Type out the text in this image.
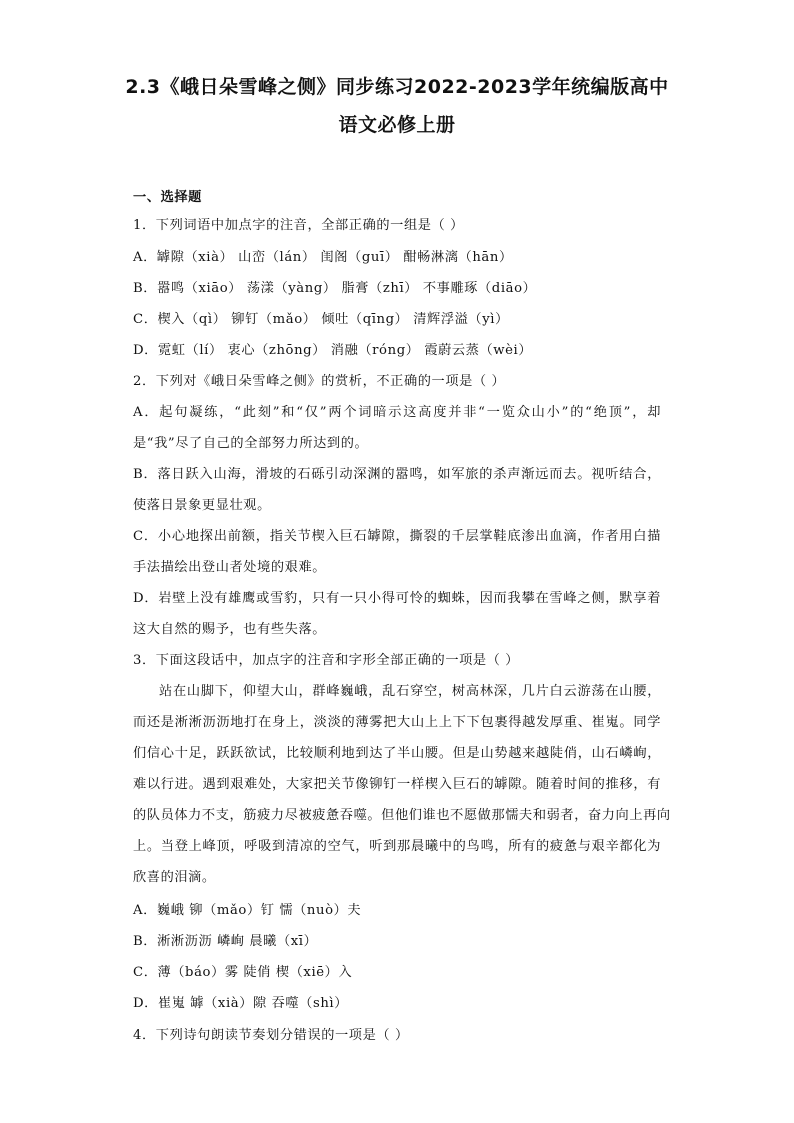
2.3《峨日朵雪峰之侧》同步练习2022-2023学年统编版高中
语文必修上册
一、选择题
1．下列词语中加点字的注音，全部正确的一组是（ ）
A．罅隙（xià） 山峦（lán） 闺阁（guī） 酣畅淋漓（hān）
B．嚣鸣（xiāo） 荡漾（yàng） 脂膏（zhī） 不事雕琢（diāo）
C．楔入（qì） 铆钉（mǎo） 倾吐（qīng） 清辉浮溢（yì）
D．霓虹（lí） 衷心（zhōng） 消融（róng） 霞蔚云蒸（wèi）
2．下列对《峨日朵雪峰之侧》的赏析，不正确的一项是（ ）
A．起句凝练，“此刻”和“仅”两个词暗示这高度并非“一览众山小”的“绝顶”，却
是“我”尽了自己的全部努力所达到的。
B．落日跃入山海，滑坡的石砾引动深渊的嚣鸣，如军旅的杀声渐远而去。视听结合，
使落日景象更显壮观。
C．小心地探出前额，指关节楔入巨石罅隙，撕裂的千层掌鞋底渗出血滴，作者用白描
手法描绘出登山者处境的艰难。
D．岩壁上没有雄鹰或雪豹，只有一只小得可怜的蜘蛛，因而我攀在雪峰之侧，默享着
这大自然的赐予，也有些失落。
3．下面这段话中，加点字的注音和字形全部正确的一项是（ ）
站在山脚下，仰望大山，群峰巍峨，乱石穿空，树高林深，几片白云游荡在山腰，
而还是淅淅沥沥地打在身上，淡淡的薄雾把大山上上下下包裹得越发厚重、崔嵬。同学
们信心十足，跃跃欲试，比较顺利地到达了半山腰。但是山势越来越陡俏，山石嶙峋，
难以行进。遇到艰难处，大家把关节像铆钉一样楔入巨石的罅隙。随着时间的推移，有
的队员体力不支，筋疲力尽被疲惫吞噬。但他们谁也不愿做那懦夫和弱者，奋力向上再向
上。当登上峰顶，呼吸到清凉的空气，听到那晨曦中的鸟鸣，所有的疲惫与艰辛都化为
欣喜的泪滴。
A．巍峨 铆（mǎo）钉 懦（nuò）夫
B．淅淅沥沥 嶙峋 晨曦（xī）
C．薄（báo）雾 陡俏 楔（xiē）入
D．崔嵬 罅（xià）隙 吞噬（shì）
4．下列诗句朗读节奏划分错误的一项是（ ）
